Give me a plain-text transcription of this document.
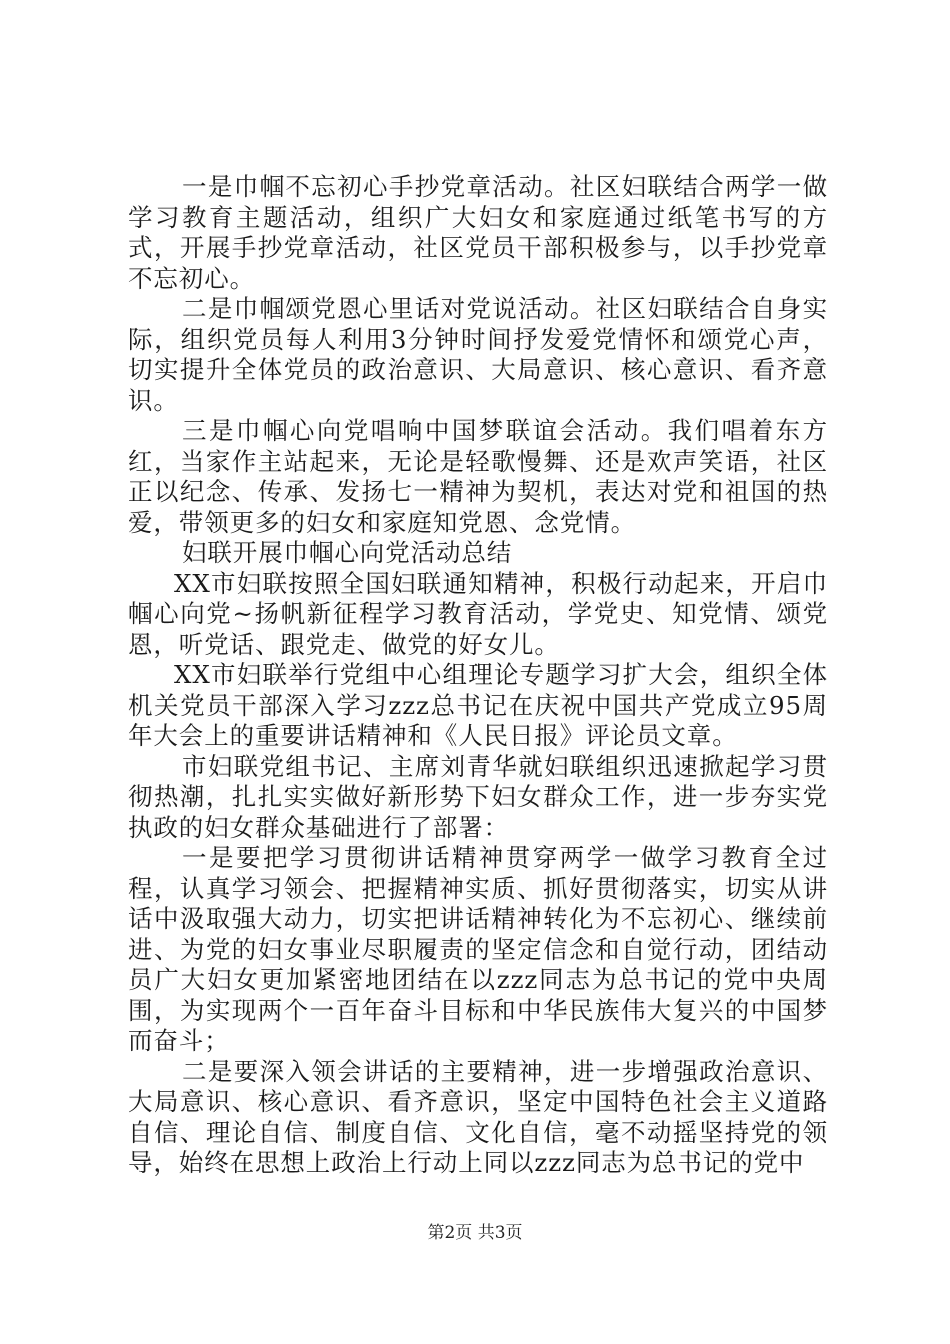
一是巾帼不忘初心手抄党章活动。社区妇联结合两学一做学习教育主题活动，组织广大妇女和家庭通过纸笔书写的方式，开展手抄党章活动，社区党员干部积极参与，以手抄党章不忘初心。

二是巾帼颂党恩心里话对党说活动。社区妇联结合自身实际，组织党员每人利用3分钟时间抒发爱党情怀和颂党心声，切实提升全体党员的政治意识、大局意识、核心意识、看齐意识。

三是巾帼心向党唱响中国梦联谊会活动。我们唱着东方红，当家作主站起来，无论是轻歌慢舞、还是欢声笑语，社区正以纪念、传承、发扬七一精神为契机，表达对党和祖国的热爱，带领更多的妇女和家庭知党恩、念党情。

妇联开展巾帼心向党活动总结

XX市妇联按照全国妇联通知精神，积极行动起来，开启巾帼心向党~扬帆新征程学习教育活动，学党史、知党情、颂党恩，听党话、跟党走、做党的好女儿。

XX市妇联举行党组中心组理论专题学习扩大会，组织全体机关党员干部深入学习zzz总书记在庆祝中国共产党成立95周年大会上的重要讲话精神和《人民日报》评论员文章。

市妇联党组书记、主席刘青华就妇联组织迅速掀起学习贯彻热潮，扎扎实实做好新形势下妇女群众工作，进一步夯实党执政的妇女群众基础进行了部署：

一是要把学习贯彻讲话精神贯穿两学一做学习教育全过程，认真学习领会、把握精神实质、抓好贯彻落实，切实从讲话中汲取强大动力，切实把讲话精神转化为不忘初心、继续前进、为党的妇女事业尽职履责的坚定信念和自觉行动，团结动员广大妇女更加紧密地团结在以zzz同志为总书记的党中央周围，为实现两个一百年奋斗目标和中华民族伟大复兴的中国梦而奋斗；

二是要深入领会讲话的主要精神，进一步增强政治意识、大局意识、核心意识、看齐意识，坚定中国特色社会主义道路自信、理论自信、制度自信、文化自信，毫不动摇坚持党的领导，始终在思想上政治上行动上同以zzz同志为总书记的党中

第2页 共3页
